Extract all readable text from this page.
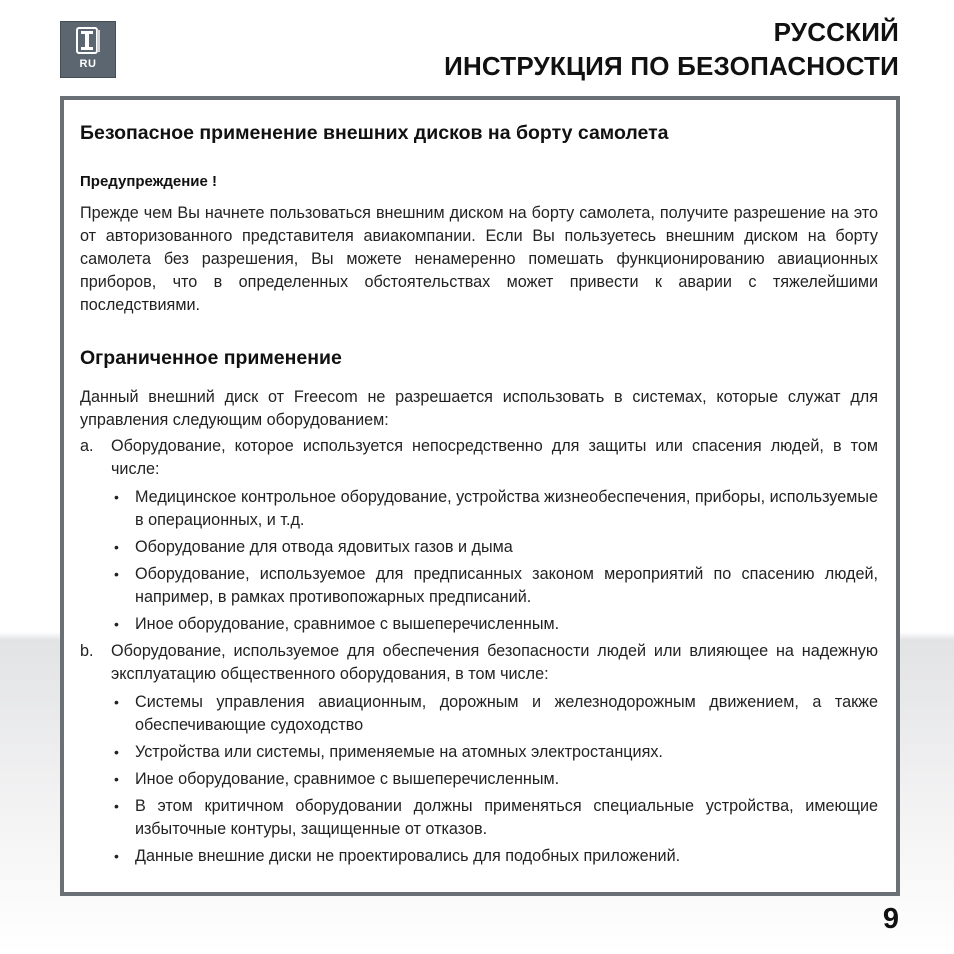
RU
РУССКИЙ
ИНСТРУКЦИЯ ПО БЕЗОПАСНОСТИ
Безопасное применение внешних дисков на борту самолета
Предупреждение !

Прежде чем Вы начнете пользоваться внешним диском на борту самолета, получите разрешение на это от авторизованного представителя авиакомпании. Если Вы пользуетесь внешним диском на борту самолета без разрешения, Вы можете ненамеренно помешать функционированию авиационных приборов, что в определенных обстоятельствах может привести к аварии с тяжелейшими последствиями.

Ограниченное применение

Данный внешний диск от Freecom не разрешается использовать в системах, которые служат для управления следующим оборудованием:

a. Оборудование, которое используется непосредственно для защиты или спасения людей, в том числе:
• Медицинское контрольное оборудование, устройства жизнеобеспечения, приборы, используемые в операционных, и т.д.
• Оборудование для отвода ядовитых газов и дыма
• Оборудование, используемое для предписанных законом мероприятий по спасению людей, например, в рамках противопожарных предписаний.
• Иное оборудование, сравнимое с вышеперечисленным.
b. Оборудование, используемое для обеспечения безопасности людей или влияющее на надежную эксплуатацию общественного оборудования, в том числе:
• Системы управления авиационным, дорожным и железнодорожным движением, а также обеспечивающие судоходство
• Устройства или системы, применяемые на атомных электростанциях.
• Иное оборудование, сравнимое с вышеперечисленным.
• В этом критичном оборудовании должны применяться специальные устройства, имеющие избыточные контуры, защищенные от отказов.
• Данные внешние диски не проектировались для подобных приложений.
9
